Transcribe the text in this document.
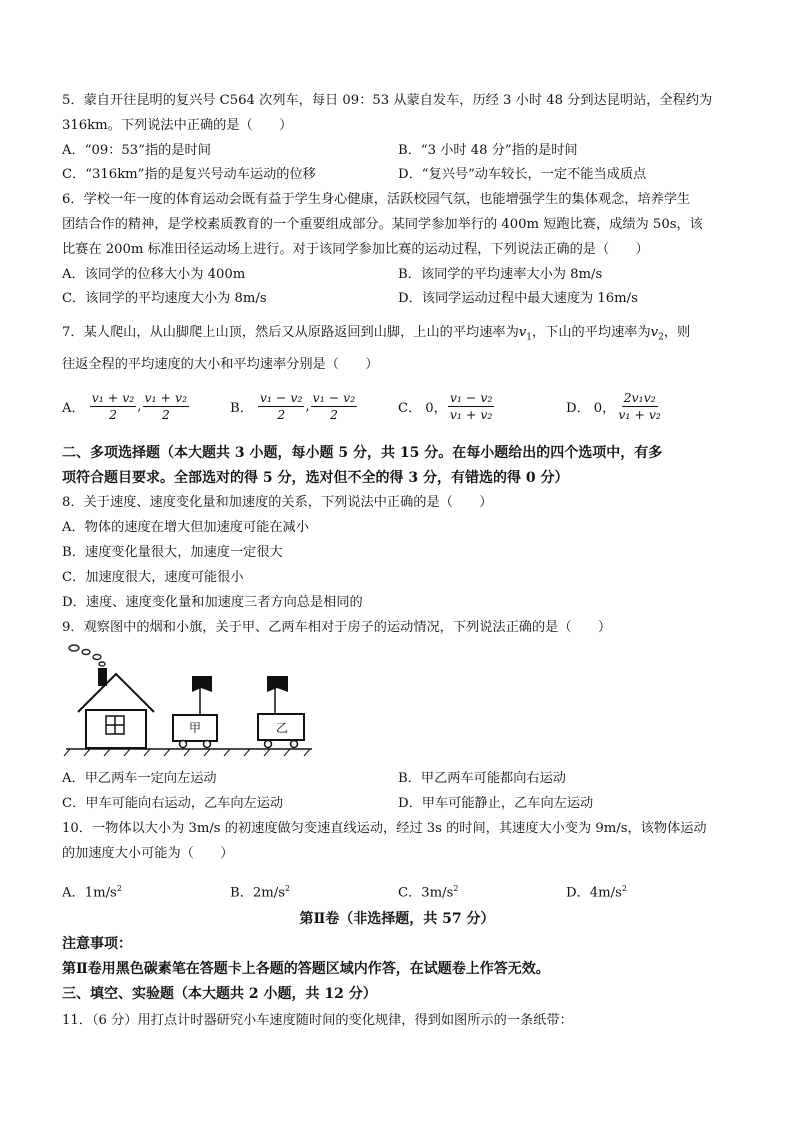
5．蒙自开往昆明的复兴号 C564 次列车，每日 09：53 从蒙自发车，历经 3 小时 48 分到达昆明站，全程约为
316km。下列说法中正确的是（　　）
A．“09：53”指的是时间	B．“3 小时 48 分”指的是时间
C．“316km”指的是复兴号动车运动的位移	D．“复兴号”动车较长，一定不能当成质点
6．学校一年一度的体育运动会既有益于学生身心健康，活跃校园气氛，也能增强学生的集体观念，培养学生
团结合作的精神，是学校素质教育的一个重要组成部分。某同学参加举行的 400m 短跑比赛，成绩为 50s，该
比赛在 200m 标准田径运动场上进行。对于该同学参加比赛的运动过程，下列说法正确的是（　　）
A．该同学的位移大小为 400m	B．该同学的平均速率大小为 8m/s
C．该同学的平均速度大小为 8m/s	D．该同学运动过程中最大速度为 16m/s
7．某人爬山，从山脚爬上山顶，然后又从原路返回到山脚，上山的平均速率为$v_1$，下山的平均速率为$v_2$，则
往返全程的平均速度的大小和平均速率分别是（　　）
A． $\frac{\text{v₁ + v₂}}{2}$ , $\frac{\text{v₁ + v₂}}{2}$	B． $\frac{\text{v₁ − v₂}}{2}$ , $\frac{\text{v₁ − v₂}}{2}$	C． 0， $\frac{\text{v₁ − v₂}}{\text{v₁ + v₂}}$	D． 0， $\frac{\text{2v₁v₂}}{\text{v₁ + v₂}}$
二、多项选择题（本大题共 3 小题，每小题 5 分，共 15 分。在每小题给出的四个选项中，有多
项符合题目要求。全部选对的得 5 分，选对但不全的得 3 分，有错选的得 0 分）
8．关于速度、速度变化量和加速度的关系，下列说法中正确的是（　　）
A．物体的速度在增大但加速度可能在减小
B．速度变化量很大，加速度一定很大
C．加速度很大，速度可能很小
D．速度、速度变化量和加速度三者方向总是相同的
9．观察图中的烟和小旗，关于甲、乙两车相对于房子的运动情况，下列说法正确的是（　　）
甲	乙
A．甲乙两车一定向左运动	B．甲乙两车可能都向右运动
C．甲车可能向右运动，乙车向左运动	D．甲车可能静止，乙车向左运动
10．一物体以大小为 3m/s 的初速度做匀变速直线运动，经过 3s 的时间，其速度大小变为 9m/s，该物体运动
的加速度大小可能为（　　）
A．$1m/s^2$	B．$2m/s^2$	C．$3m/s^2$	D．$4m/s^2$
第Ⅱ卷（非选择题，共 57 分）
注意事项：
第Ⅱ卷用黑色碳素笔在答题卡上各题的答题区域内作答，在试题卷上作答无效。
三、填空、实验题（本大题共 2 小题，共 12 分）
11．（6 分）用打点计时器研究小车速度随时间的变化规律，得到如图所示的一条纸带：
